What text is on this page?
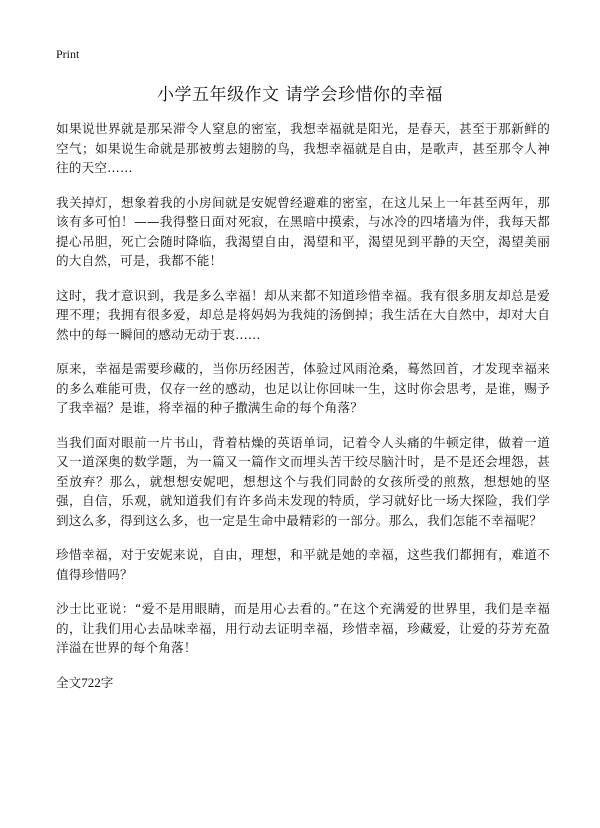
Print
小学五年级作文 请学会珍惜你的幸福

如果说世界就是那呆滞令人窒息的密室，我想幸福就是阳光，是春天，甚至于那新鲜的空气；如果说生命就是那被剪去翅膀的鸟，我想幸福就是自由，是歌声，甚至那令人神往的天空……

我关掉灯，想象着我的小房间就是安妮曾经避难的密室，在这儿呆上一年甚至两年，那该有多可怕！——我得整日面对死寂，在黑暗中摸索，与冰冷的四堵墙为伴，我每天都提心吊胆，死亡会随时降临，我渴望自由，渴望和平，渴望见到平静的天空，渴望美丽的大自然，可是，我都不能！

这时，我才意识到，我是多么幸福！却从来都不知道珍惜幸福。我有很多朋友却总是爱理不理；我拥有很多爱，却总是将妈妈为我炖的汤倒掉；我生活在大自然中，却对大自然中的每一瞬间的感动无动于衷……

原来，幸福是需要珍藏的，当你历经困苦，体验过风雨沧桑，蓦然回首，才发现幸福来的多么难能可贵，仅存一丝的感动，也足以让你回味一生，这时你会思考，是谁，赐予了我幸福？是谁，将幸福的种子撒满生命的每个角落？

当我们面对眼前一片书山，背着枯燥的英语单词，记着令人头痛的牛顿定律，做着一道又一道深奥的数学题，为一篇又一篇作文而埋头苦干绞尽脑汁时，是不是还会埋怨，甚至放弃？那么，就想想安妮吧，想想这个与我们同龄的女孩所受的煎熬，想想她的坚强，自信，乐观，就知道我们有许多尚未发现的特质，学习就好比一场大探险，我们学到这么多，得到这么多，也一定是生命中最精彩的一部分。那么，我们怎能不幸福呢？

珍惜幸福，对于安妮来说，自由，理想，和平就是她的幸福，这些我们都拥有，难道不值得珍惜吗？

沙士比亚说：“爱不是用眼睛，而是用心去看的。”在这个充满爱的世界里，我们是幸福的，让我们用心去品味幸福，用行动去证明幸福，珍惜幸福，珍藏爱，让爱的芬芳充盈洋溢在世界的每个角落！

全文722字
